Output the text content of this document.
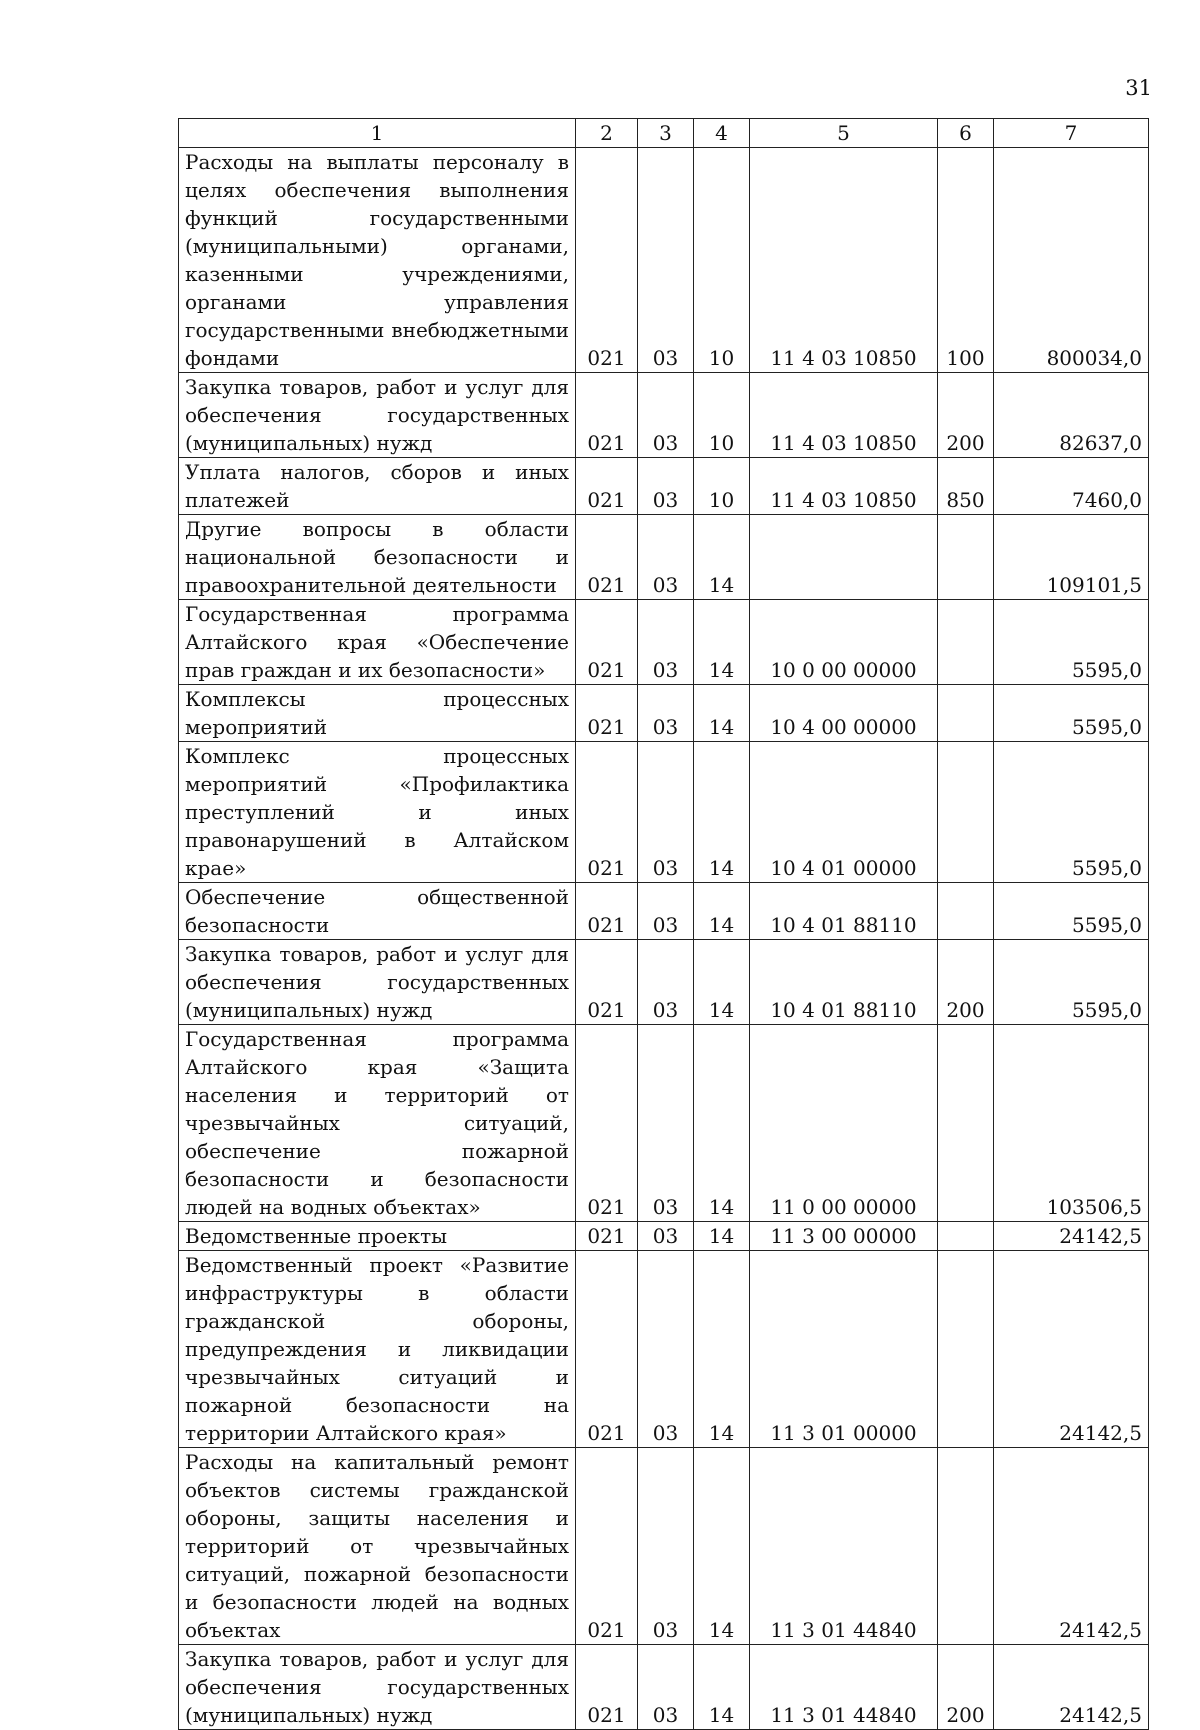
31
1	2	3	4	5	6	7
Расходы на выплаты персоналу в целях обеспечения выполнения функций государственными (муниципальными) органами, казенными учреждениями, органами управления государственными внебюджетными фондами	021	03	10	11 4 03 10850	100	800034,0
Закупка товаров, работ и услуг для обеспечения государственных (муниципальных) нужд	021	03	10	11 4 03 10850	200	82637,0
Уплата налогов, сборов и иных платежей	021	03	10	11 4 03 10850	850	7460,0
Другие вопросы в области национальной безопасности и правоохранительной деятельности	021	03	14			109101,5
Государственная программа Алтайского края «Обеспечение прав граждан и их безопасности»	021	03	14	10 0 00 00000		5595,0
Комплексы процессных мероприятий	021	03	14	10 4 00 00000		5595,0
Комплекс процессных мероприятий «Профилактика преступлений и иных правонарушений в Алтайском крае»	021	03	14	10 4 01 00000		5595,0
Обеспечение общественной безопасности	021	03	14	10 4 01 88110		5595,0
Закупка товаров, работ и услуг для обеспечения государственных (муниципальных) нужд	021	03	14	10 4 01 88110	200	5595,0
Государственная программа Алтайского края «Защита населения и территорий от чрезвычайных ситуаций, обеспечение пожарной безопасности и безопасности людей на водных объектах»	021	03	14	11 0 00 00000		103506,5
Ведомственные проекты	021	03	14	11 3 00 00000		24142,5
Ведомственный проект «Развитие инфраструктуры в области гражданской обороны, предупреждения и ликвидации чрезвычайных ситуаций и пожарной безопасности на территории Алтайского края»	021	03	14	11 3 01 00000		24142,5
Расходы на капитальный ремонт объектов системы гражданской обороны, защиты населения и территорий от чрезвычайных ситуаций, пожарной безопасности и безопасности людей на водных объектах	021	03	14	11 3 01 44840		24142,5
Закупка товаров, работ и услуг для обеспечения государственных (муниципальных) нужд	021	03	14	11 3 01 44840	200	24142,5
